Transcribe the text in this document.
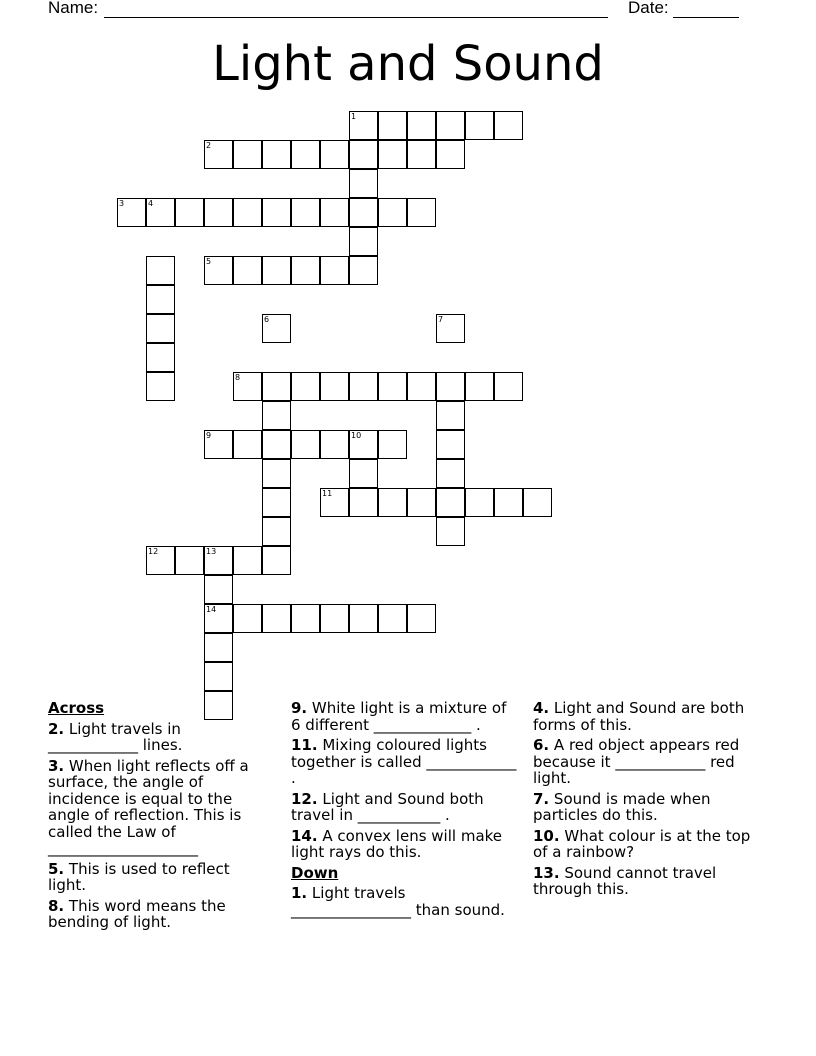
Name:	Date:
Light and Sound
1
2
3	4
5
6	7
8
9	10
11
12	13
14
Across
2. Light travels in ____________ lines.
3. When light reflects off a surface, the angle of incidence is equal to the angle of reflection. This is called the Law of ____________________
5. This is used to reflect light.
8. This word means the bending of light.
9. White light is a mixture of 6 different _____________ .
11. Mixing coloured lights together is called ____________ .
12. Light and Sound both travel in ___________ .
14. A convex lens will make light rays do this.
Down
1. Light travels ________________ than sound.
4. Light and Sound are both forms of this.
6. A red object appears red because it ____________ red light.
7. Sound is made when particles do this.
10. What colour is at the top of a rainbow?
13. Sound cannot travel through this.
